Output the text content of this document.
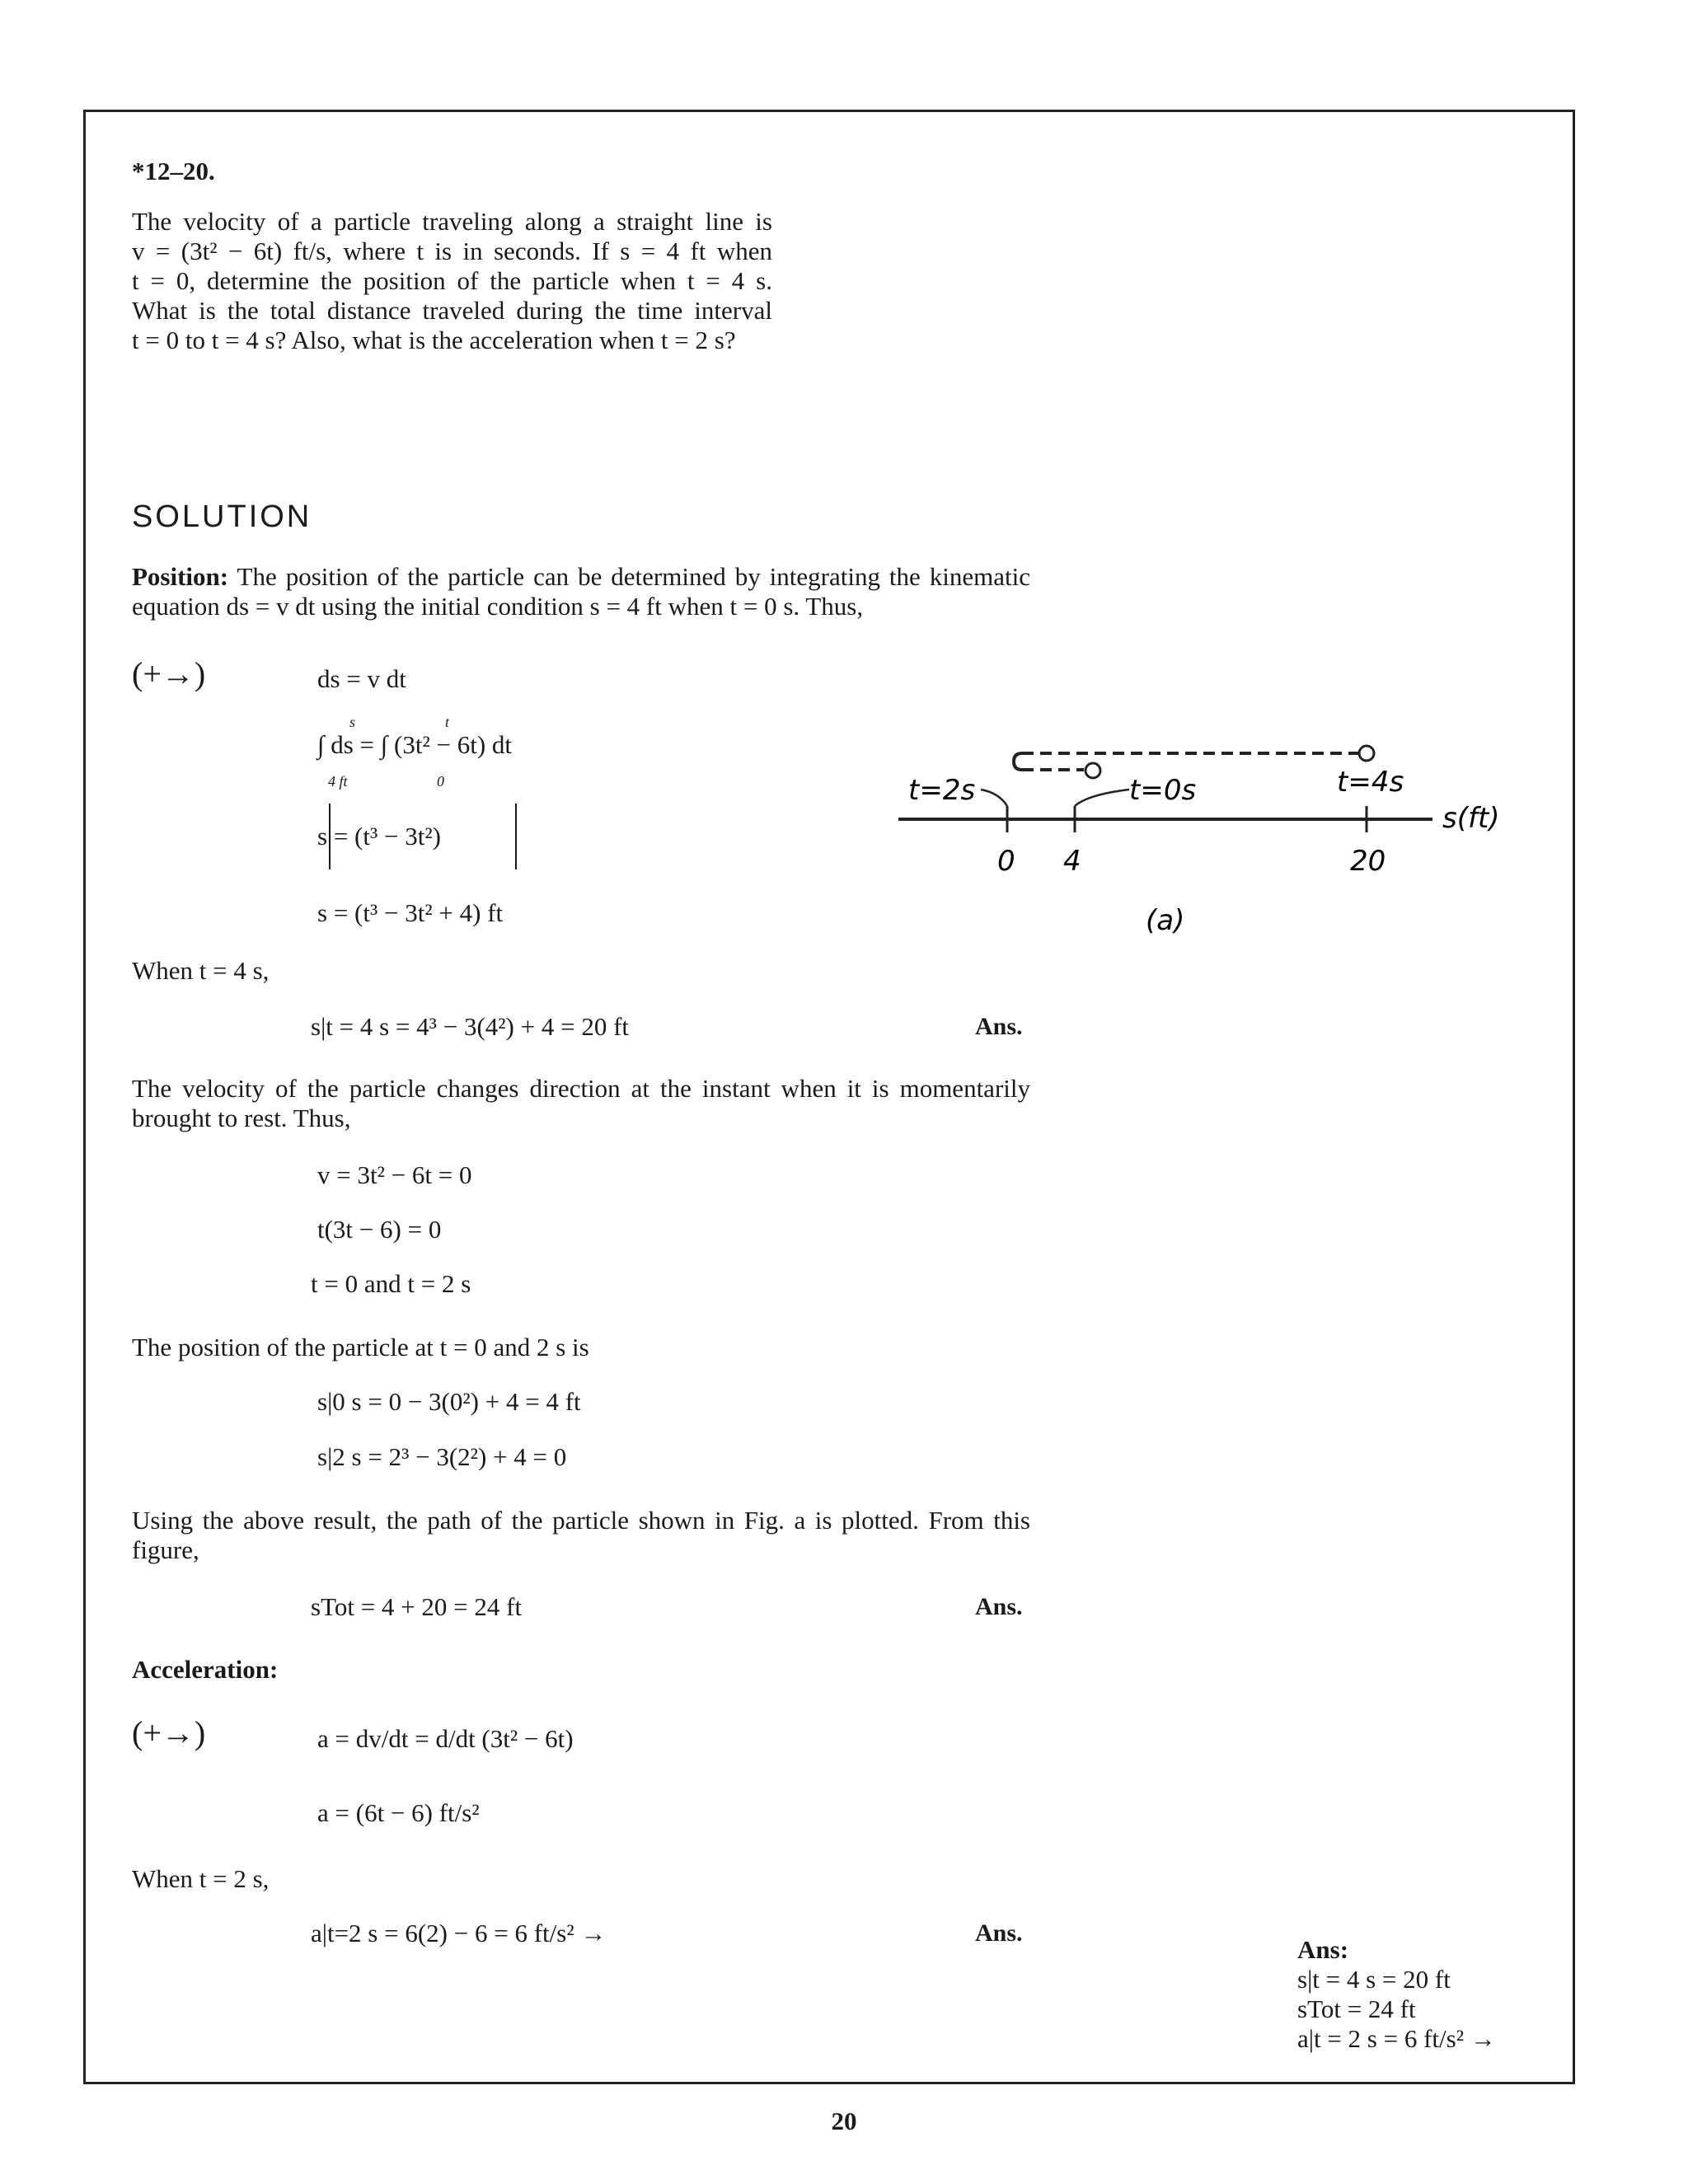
*12–20.
The velocity of a particle traveling along a straight line is
v = (3t² − 6t) ft/s, where t is in seconds. If s = 4 ft when
t = 0, determine the position of the particle when t = 4 s.
What is the total distance traveled during the time interval
t = 0 to t = 4 s? Also, what is the acceleration when t = 2 s?
SOLUTION
Position: The position of the particle can be determined by integrating the kinematic
equation ds = v dt using the initial condition s = 4 ft when t = 0 s. Thus,
(+→)	ds = v dt
∫ ds = ∫ (3t² − 6t) dt
4 ft
s
0
t
s = (t³ − 3t²)
s = (t³ − 3t² + 4) ft
When t = 4 s,
s|t = 4 s = 4³ − 3(4²) + 4 = 20 ft	Ans.
The velocity of the particle changes direction at the instant when it is momentarily
brought to rest. Thus,
v = 3t² − 6t = 0
t(3t − 6) = 0
t = 0 and t = 2 s
The position of the particle at t = 0 and 2 s is
s|0 s = 0 − 3(0²) + 4 = 4 ft
s|2 s = 2³ − 3(2²) + 4 = 0
Using the above result, the path of the particle shown in Fig. a is plotted. From this
figure,
sTot = 4 + 20 = 24 ft	Ans.
Acceleration:
(+→)	a = dv/dt = d/dt (3t² − 6t)
a = (6t − 6) ft/s²
When t = 2 s,
a|t=2 s = 6(2) − 6 = 6 ft/s² →	Ans.
t=2s	t=0s	t=4s
s(ft)
0 4	20
(a)
Ans:
s|t = 4 s = 20 ft
sTot = 24 ft
a|t = 2 s = 6 ft/s² →
20
